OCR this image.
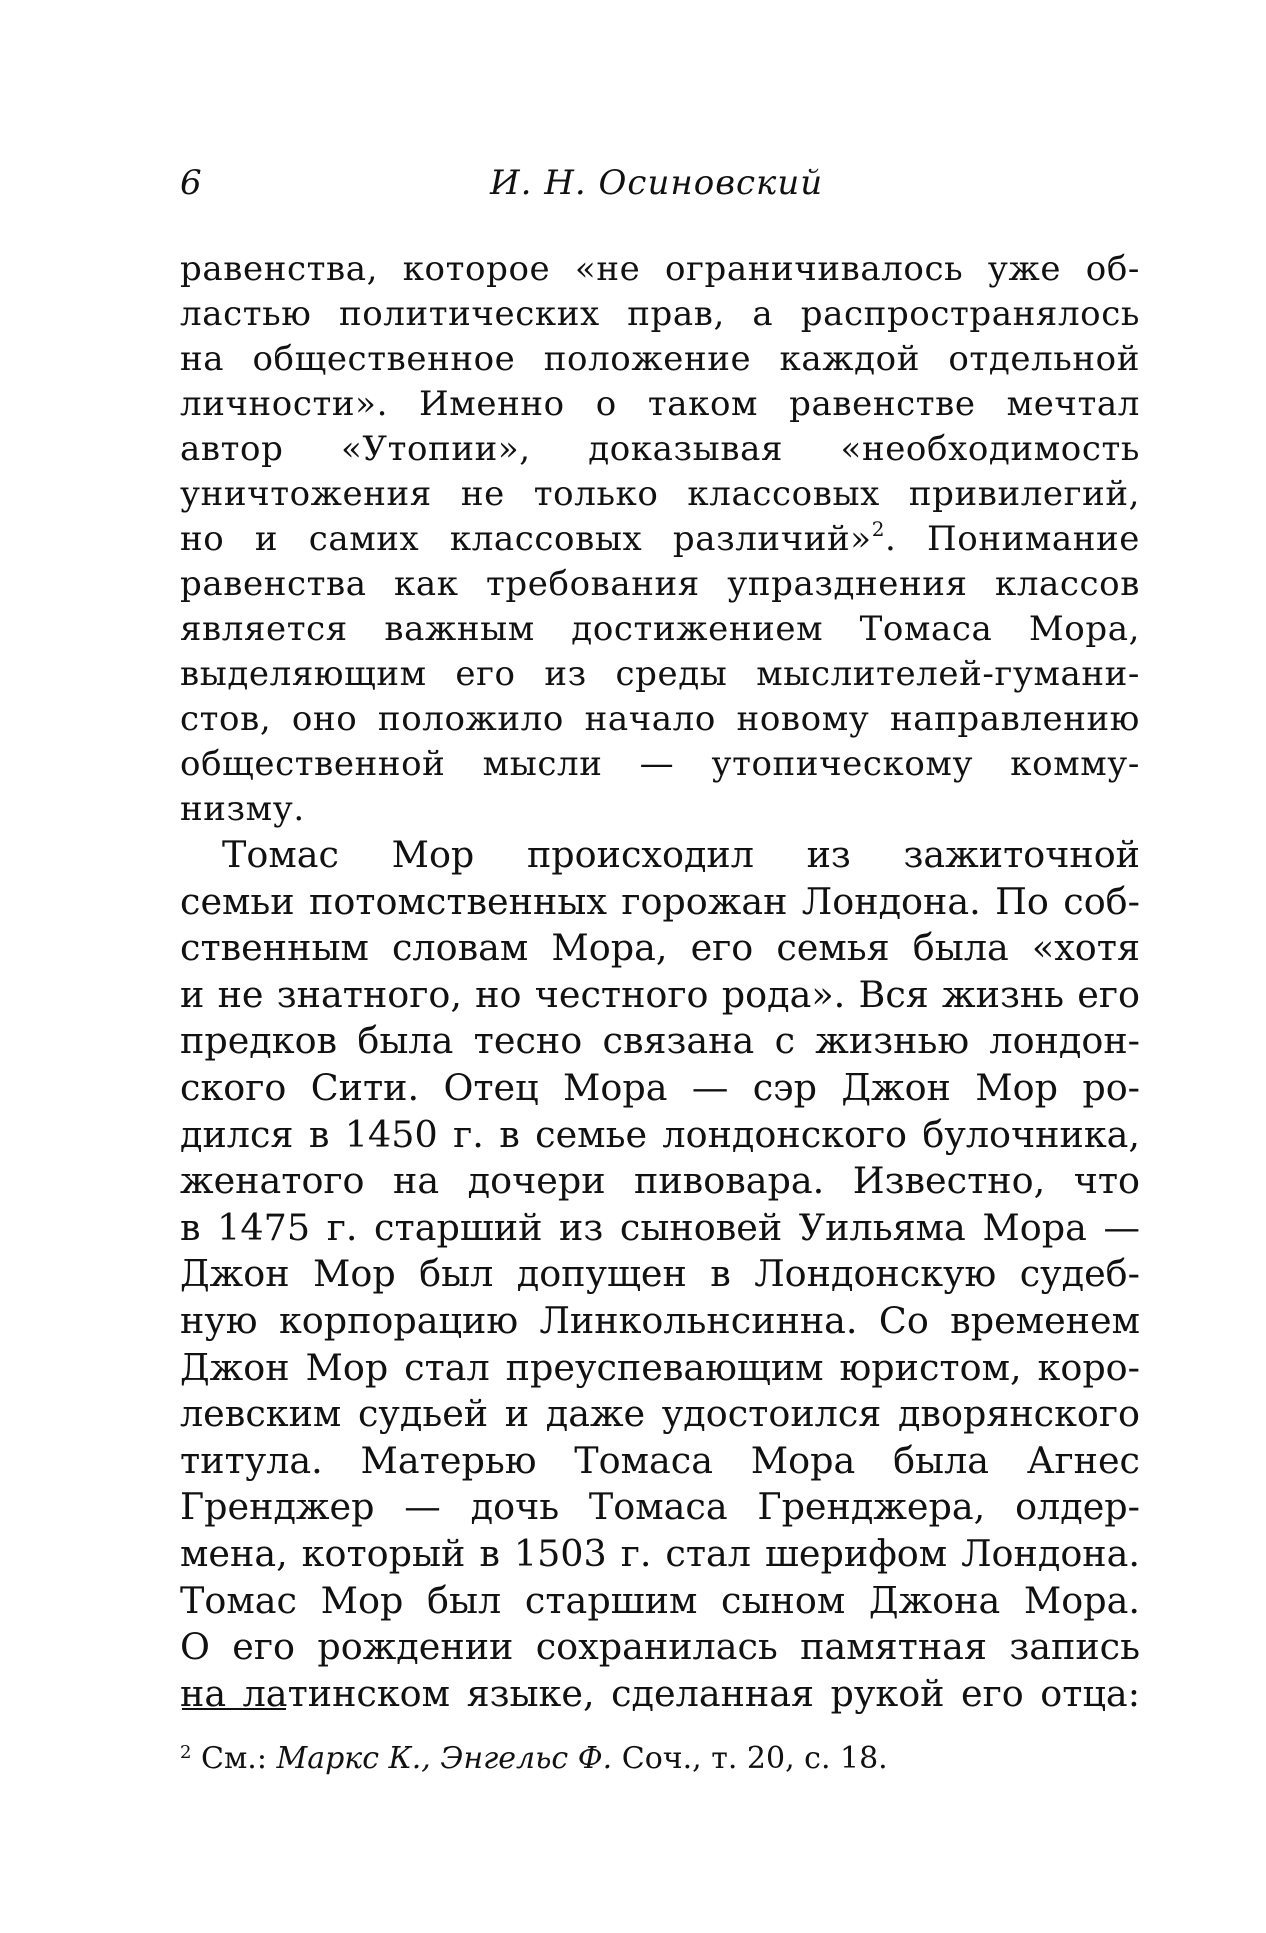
6	И. Н. Осиновский
равенства, которое «не ограничивалось уже об-
ластью политических прав, а распространялось
на общественное положение каждой отдельной
личности». Именно о таком равенстве мечтал
автор «Утопии», доказывая «необходимость
уничтожения не только классовых привилегий,
но и самих классовых различий»$^2$. Понимание
равенства как требования упразднения классов
является важным достижением Томаса Мора,
выделяющим его из среды мыслителей-гумани-
стов, оно положило начало новому направлению
общественной мысли — утопическому комму-
низму.
Томас Мор происходил из зажиточной
семьи потомственных горожан Лондона. По соб-
ственным словам Мора, его семья была «хотя
и не знатного, но честного рода». Вся жизнь его
предков была тесно связана с жизнью лондон-
ского Сити. Отец Мора — сэр Джон Мор ро-
дился в 1450 г. в семье лондонского булочника,
женатого на дочери пивовара. Известно, что
в 1475 г. старший из сыновей Уильяма Мора —
Джон Мор был допущен в Лондонскую судеб-
ную корпорацию Линкольнсинна. Со временем
Джон Мор стал преуспевающим юристом, коро-
левским судьей и даже удостоился дворянского
титула. Матерью Томаса Мора была Агнес
Гренджер — дочь Томаса Гренджера, олдер-
мена, который в 1503 г. стал шерифом Лондона.
Томас Мор был старшим сыном Джона Мора.
О его рождении сохранилась памятная запись
на латинском языке, сделанная рукой его отца:
$^2$ См.: Маркс К., Энгельс Ф. Соч., т. 20, с. 18.
